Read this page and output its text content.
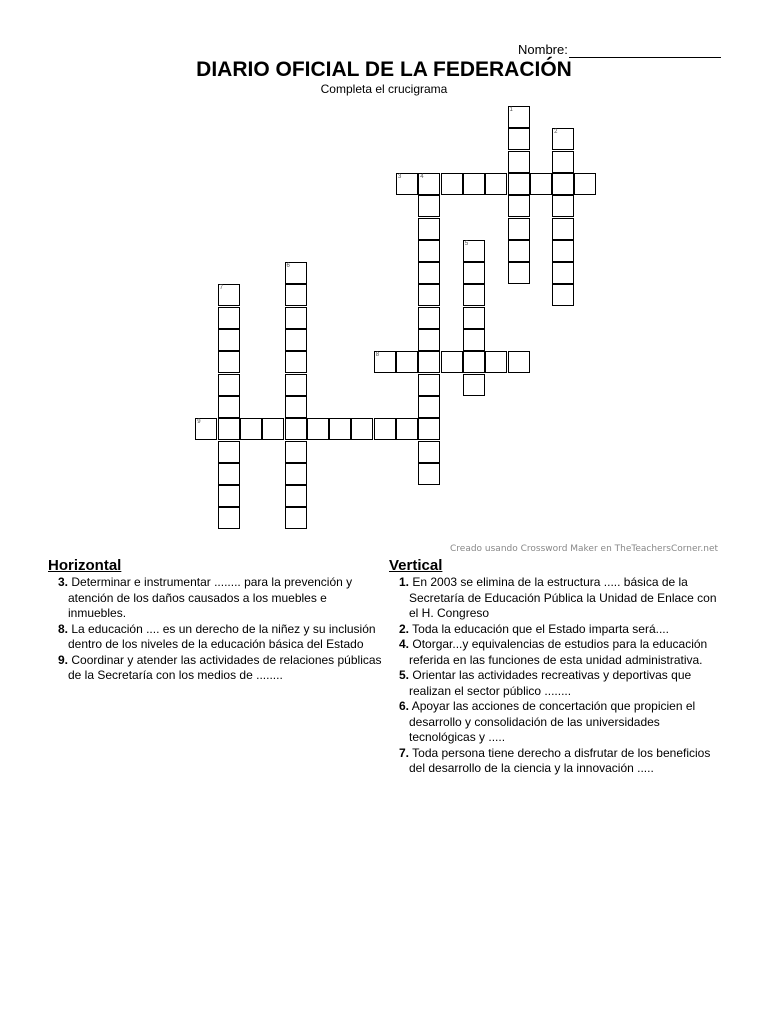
Nombre:
DIARIO OFICIAL DE LA FEDERACIÓN
Completa el crucigrama
1
2
3	4
5
6
7
8
9
Creado usando Crossword Maker en TheTeachersCorner.net
Horizontal
3. Determinar e instrumentar ........ para la prevención y atención de los daños causados a los muebles e inmuebles.
8. La educación .... es un derecho de la niñez y su inclusión dentro de los niveles de la educación básica del Estado
9. Coordinar y atender las actividades de relaciones públicas de la Secretaría con los medios de ........
Vertical
1. En 2003 se elimina de la estructura ..... básica de la Secretaría de Educación Pública la Unidad de Enlace con el H. Congreso
2. Toda la educación que el Estado imparta será....
4. Otorgar...y equivalencias de estudios para la educación referida en las funciones de esta unidad administrativa.
5. Orientar las actividades recreativas y deportivas que realizan el sector público ........
6. Apoyar las acciones de concertación que propicien el desarrollo y consolidación de las universidades tecnológicas y .....
7. Toda persona tiene derecho a disfrutar de los beneficios del desarrollo de la ciencia y la innovación .....
